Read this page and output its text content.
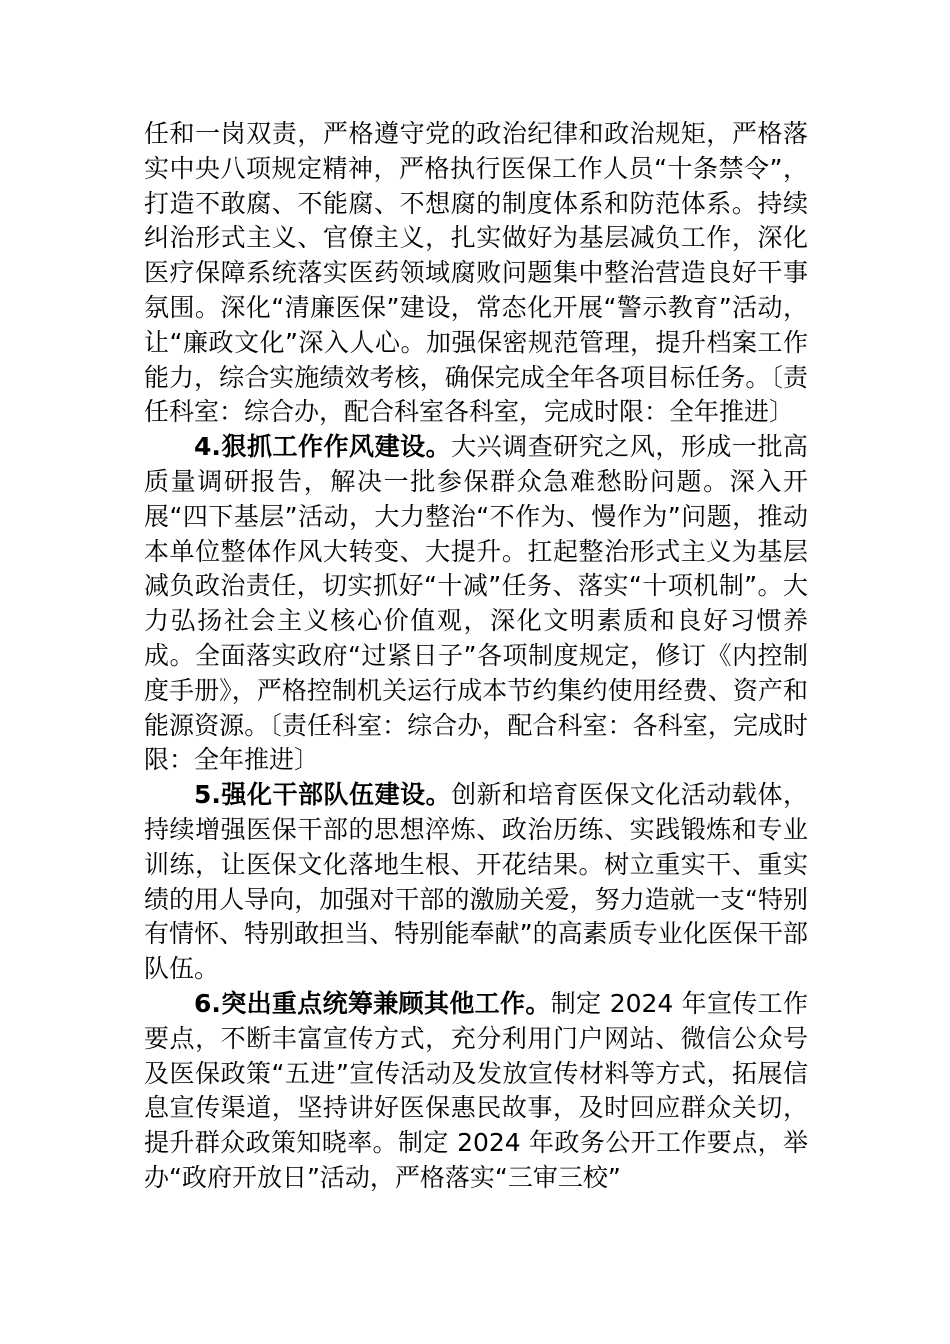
任和一岗双责，严格遵守党的政治纪律和政治规矩，严格落实中央八项规定精神，严格执行医保工作人员“十条禁令”，打造不敢腐、不能腐、不想腐的制度体系和防范体系。持续纠治形式主义、官僚主义，扎实做好为基层减负工作，深化医疗保障系统落实医药领域腐败问题集中整治营造良好干事氛围。深化“清廉医保”建设，常态化开展“警示教育”活动，让“廉政文化”深入人心。加强保密规范管理，提升档案工作能力，综合实施绩效考核，确保完成全年各项目标任务。〔责任科室：综合办，配合科室各科室，完成时限：全年推进〕

4.狠抓工作作风建设。大兴调查研究之风，形成一批高质量调研报告，解决一批参保群众急难愁盼问题。深入开展“四下基层”活动，大力整治“不作为、慢作为”问题，推动本单位整体作风大转变、大提升。扛起整治形式主义为基层减负政治责任，切实抓好“十减”任务、落实“十项机制”。大力弘扬社会主义核心价值观，深化文明素质和良好习惯养成。全面落实政府“过紧日子”各项制度规定，修订《内控制度手册》，严格控制机关运行成本节约集约使用经费、资产和能源资源。〔责任科室：综合办，配合科室：各科室，完成时限：全年推进〕

5.强化干部队伍建设。创新和培育医保文化活动载体，持续增强医保干部的思想淬炼、政治历练、实践锻炼和专业训练，让医保文化落地生根、开花结果。树立重实干、重实绩的用人导向，加强对干部的激励关爱，努力造就一支“特别有情怀、特别敢担当、特别能奉献”的高素质专业化医保干部队伍。

6.突出重点统筹兼顾其他工作。制定 2024 年宣传工作要点，不断丰富宣传方式，充分利用门户网站、微信公众号及医保政策“五进”宣传活动及发放宣传材料等方式，拓展信息宣传渠道，坚持讲好医保惠民故事，及时回应群众关切，提升群众政策知晓率。制定 2024 年政务公开工作要点，举办“政府开放日”活动，严格落实“三审三校”
